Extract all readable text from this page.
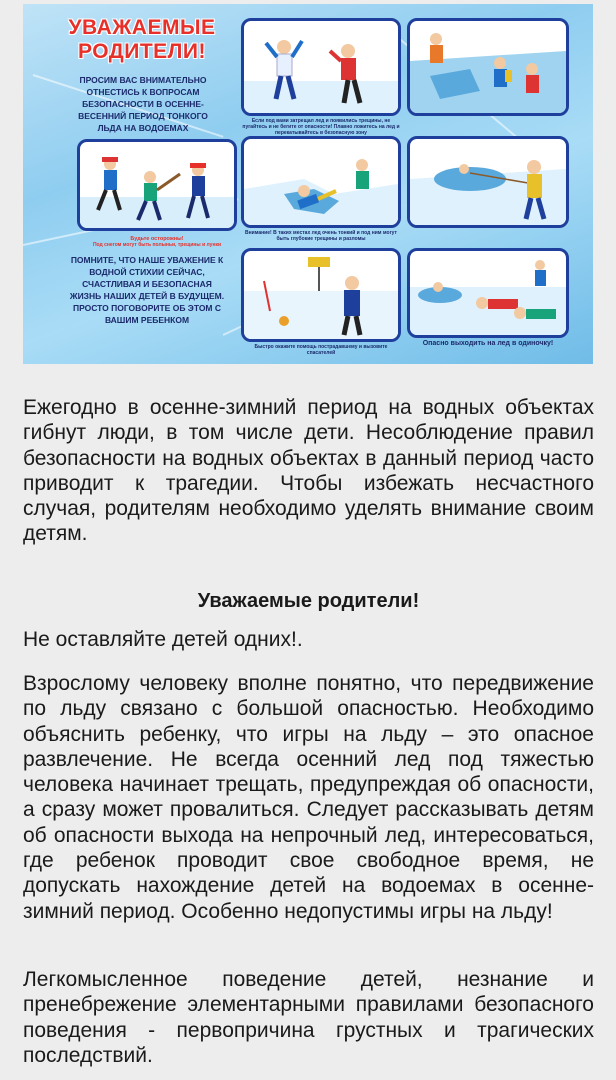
УВАЖАЕМЫЕ РОДИТЕЛИ!
ПРОСИМ ВАС ВНИМАТЕЛЬНО ОТНЕСТИСЬ К ВОПРОСАМ БЕЗОПАСНОСТИ В ОСЕННЕ-ВЕСЕННИЙ ПЕРИОД ТОНКОГО ЛЬДА НА ВОДОЕМАХ
Будьте осторожны!
Под снегом могут быть полыньи, трещины и лунки
ПОМНИТЕ, ЧТО НАШЕ УВАЖЕНИЕ К ВОДНОЙ СТИХИИ СЕЙЧАС, СЧАСТЛИВАЯ И БЕЗОПАСНАЯ ЖИЗНЬ НАШИХ ДЕТЕЙ В БУДУЩЕМ. ПРОСТО ПОГОВОРИТЕ ОБ ЭТОМ С ВАШИМ РЕБЕНКОМ
Если под вами затрещал лед и появились трещины, не пугайтесь и не бегите от опасности! Плавно ложитесь на лед и перекатывайтесь в безопасную зону
Внимание! В таких местах лед очень тонкий и под ним могут быть глубокие трещины и разломы
Быстро окажите помощь пострадавшему и вызовите спасателей
Опасно выходить на лед в одиночку!
Ежегодно в осенне-зимний период на водных объектах гибнут люди, в том числе дети. Несоблюдение правил безопасности на водных объектах в данный период часто приводит к трагедии. Чтобы избежать несчастного случая, родителям необходимо уделять внимание своим детям.
Уважаемые родители!
Не оставляйте детей одних!.
Взрослому человеку вполне понятно, что передвижение по льду связано с большой опасностью. Необходимо объяснить ребенку, что игры на льду – это опасное развлечение. Не всегда осенний лед под тяжестью человека начинает трещать, предупреждая об опасности, а сразу может провалиться. Следует рассказывать детям об опасности выхода на непрочный лед, интересоваться, где ребенок проводит свое свободное время, не допускать нахождение детей на водоемах в осенне-зимний период. Особенно недопустимы игры на льду!
Легкомысленное поведение детей, незнание и пренебрежение элементарными правилами безопасного поведения - первопричина грустных и трагических последствий.
